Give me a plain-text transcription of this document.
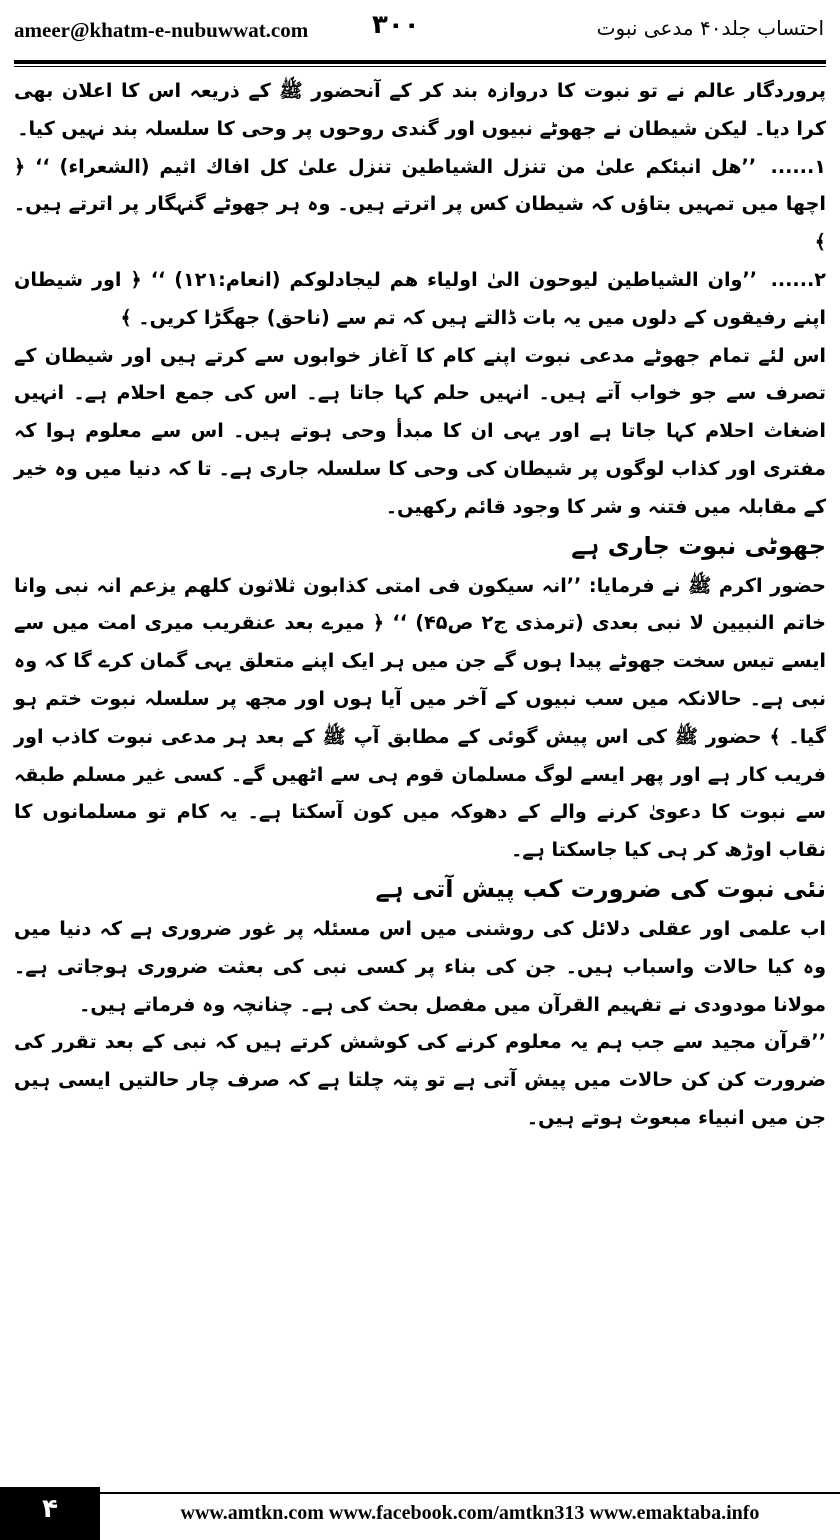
ameer@khatm-e-nubuwwat.com ۳۰۰	احتساب جلد۴۰ مدعی نبوت

پروردگار عالم نے تو نبوت کا دروازہ بند کر کے آنحضور ﷺ کے ذریعہ اس کا اعلان بھی کرا دیا۔ لیکن شیطان نے جھوٹے نبیوں اور گندی روحوں پر وحی کا سلسلہ بند نہیں کیا۔

۱...... ’’ھل انبئکم علیٰ من تنزل الشیاطین تنزل علیٰ کل افاك اثیم (الشعراء) ‘‘ ﴿ اچھا میں تمہیں بتاؤں کہ شیطان کس پر اترتے ہیں۔ وہ ہر جھوٹے گنہگار پر اترتے ہیں۔ ﴾

۲...... ’’وان الشیاطین لیوحون الیٰ اولیاء ھم لیجادلوکم (انعام:۱۲۱) ‘‘ ﴿ اور شیطان اپنے رفیقوں کے دلوں میں یہ بات ڈالتے ہیں کہ تم سے (ناحق) جھگڑا کریں۔ ﴾

اس لئے تمام جھوٹے مدعی نبوت اپنے کام کا آغاز خوابوں سے کرتے ہیں اور شیطان کے تصرف سے جو خواب آتے ہیں۔ انہیں حلم کہا جاتا ہے۔ اس کی جمع احلام ہے۔ انہیں اضغاث احلام کہا جاتا ہے اور یہی ان کا مبدأ وحی ہوتے ہیں۔ اس سے معلوم ہوا کہ مفتری اور کذاب لوگوں پر شیطان کی وحی کا سلسلہ جاری ہے۔ تا کہ دنیا میں وہ خیر کے مقابلہ میں فتنہ و شر کا وجود قائم رکھیں۔

جھوٹی نبوت جاری ہے

حضور اکرم ﷺ نے فرمایا: ’’انہ سیکون فی امتی کذابون ثلاثون کلھم یزعم انہ نبی وانا خاتم النبیین لا نبی بعدی (ترمذی ج۲ ص۴۵) ‘‘ ﴿ میرے بعد عنقریب میری امت میں سے ایسے تیس سخت جھوٹے پیدا ہوں گے جن میں ہر ایک اپنے متعلق یہی گمان کرے گا کہ وہ نبی ہے۔ حالانکہ میں سب نبیوں کے آخر میں آیا ہوں اور مجھ پر سلسلہ نبوت ختم ہو گیا۔ ﴾ حضور ﷺ کی اس پیش گوئی کے مطابق آپ ﷺ کے بعد ہر مدعی نبوت کاذب اور فریب کار ہے اور پھر ایسے لوگ مسلمان قوم ہی سے اٹھیں گے۔ کسی غیر مسلم طبقہ سے نبوت کا دعویٰ کرنے والے کے دھوکہ میں کون آسکتا ہے۔ یہ کام تو مسلمانوں کا نقاب اوڑھ کر ہی کیا جاسکتا ہے۔

نئی نبوت کی ضرورت کب پیش آتی ہے

اب علمی اور عقلی دلائل کی روشنی میں اس مسئلہ پر غور ضروری ہے کہ دنیا میں وہ کیا حالات واسباب ہیں۔ جن کی بناء پر کسی نبی کی بعثت ضروری ہوجاتی ہے۔ مولانا مودودی نے تفہیم القرآن میں مفصل بحث کی ہے۔ چنانچہ وہ فرماتے ہیں۔

’’قرآن مجید سے جب ہم یہ معلوم کرنے کی کوشش کرتے ہیں کہ نبی کے بعد تقرر کی ضرورت کن کن حالات میں پیش آتی ہے تو پتہ چلتا ہے کہ صرف چار حالتیں ایسی ہیں جن میں انبیاء مبعوث ہوتے ہیں۔

۴	www.amtkn.com www.facebook.com/amtkn313 www.emaktaba.info
